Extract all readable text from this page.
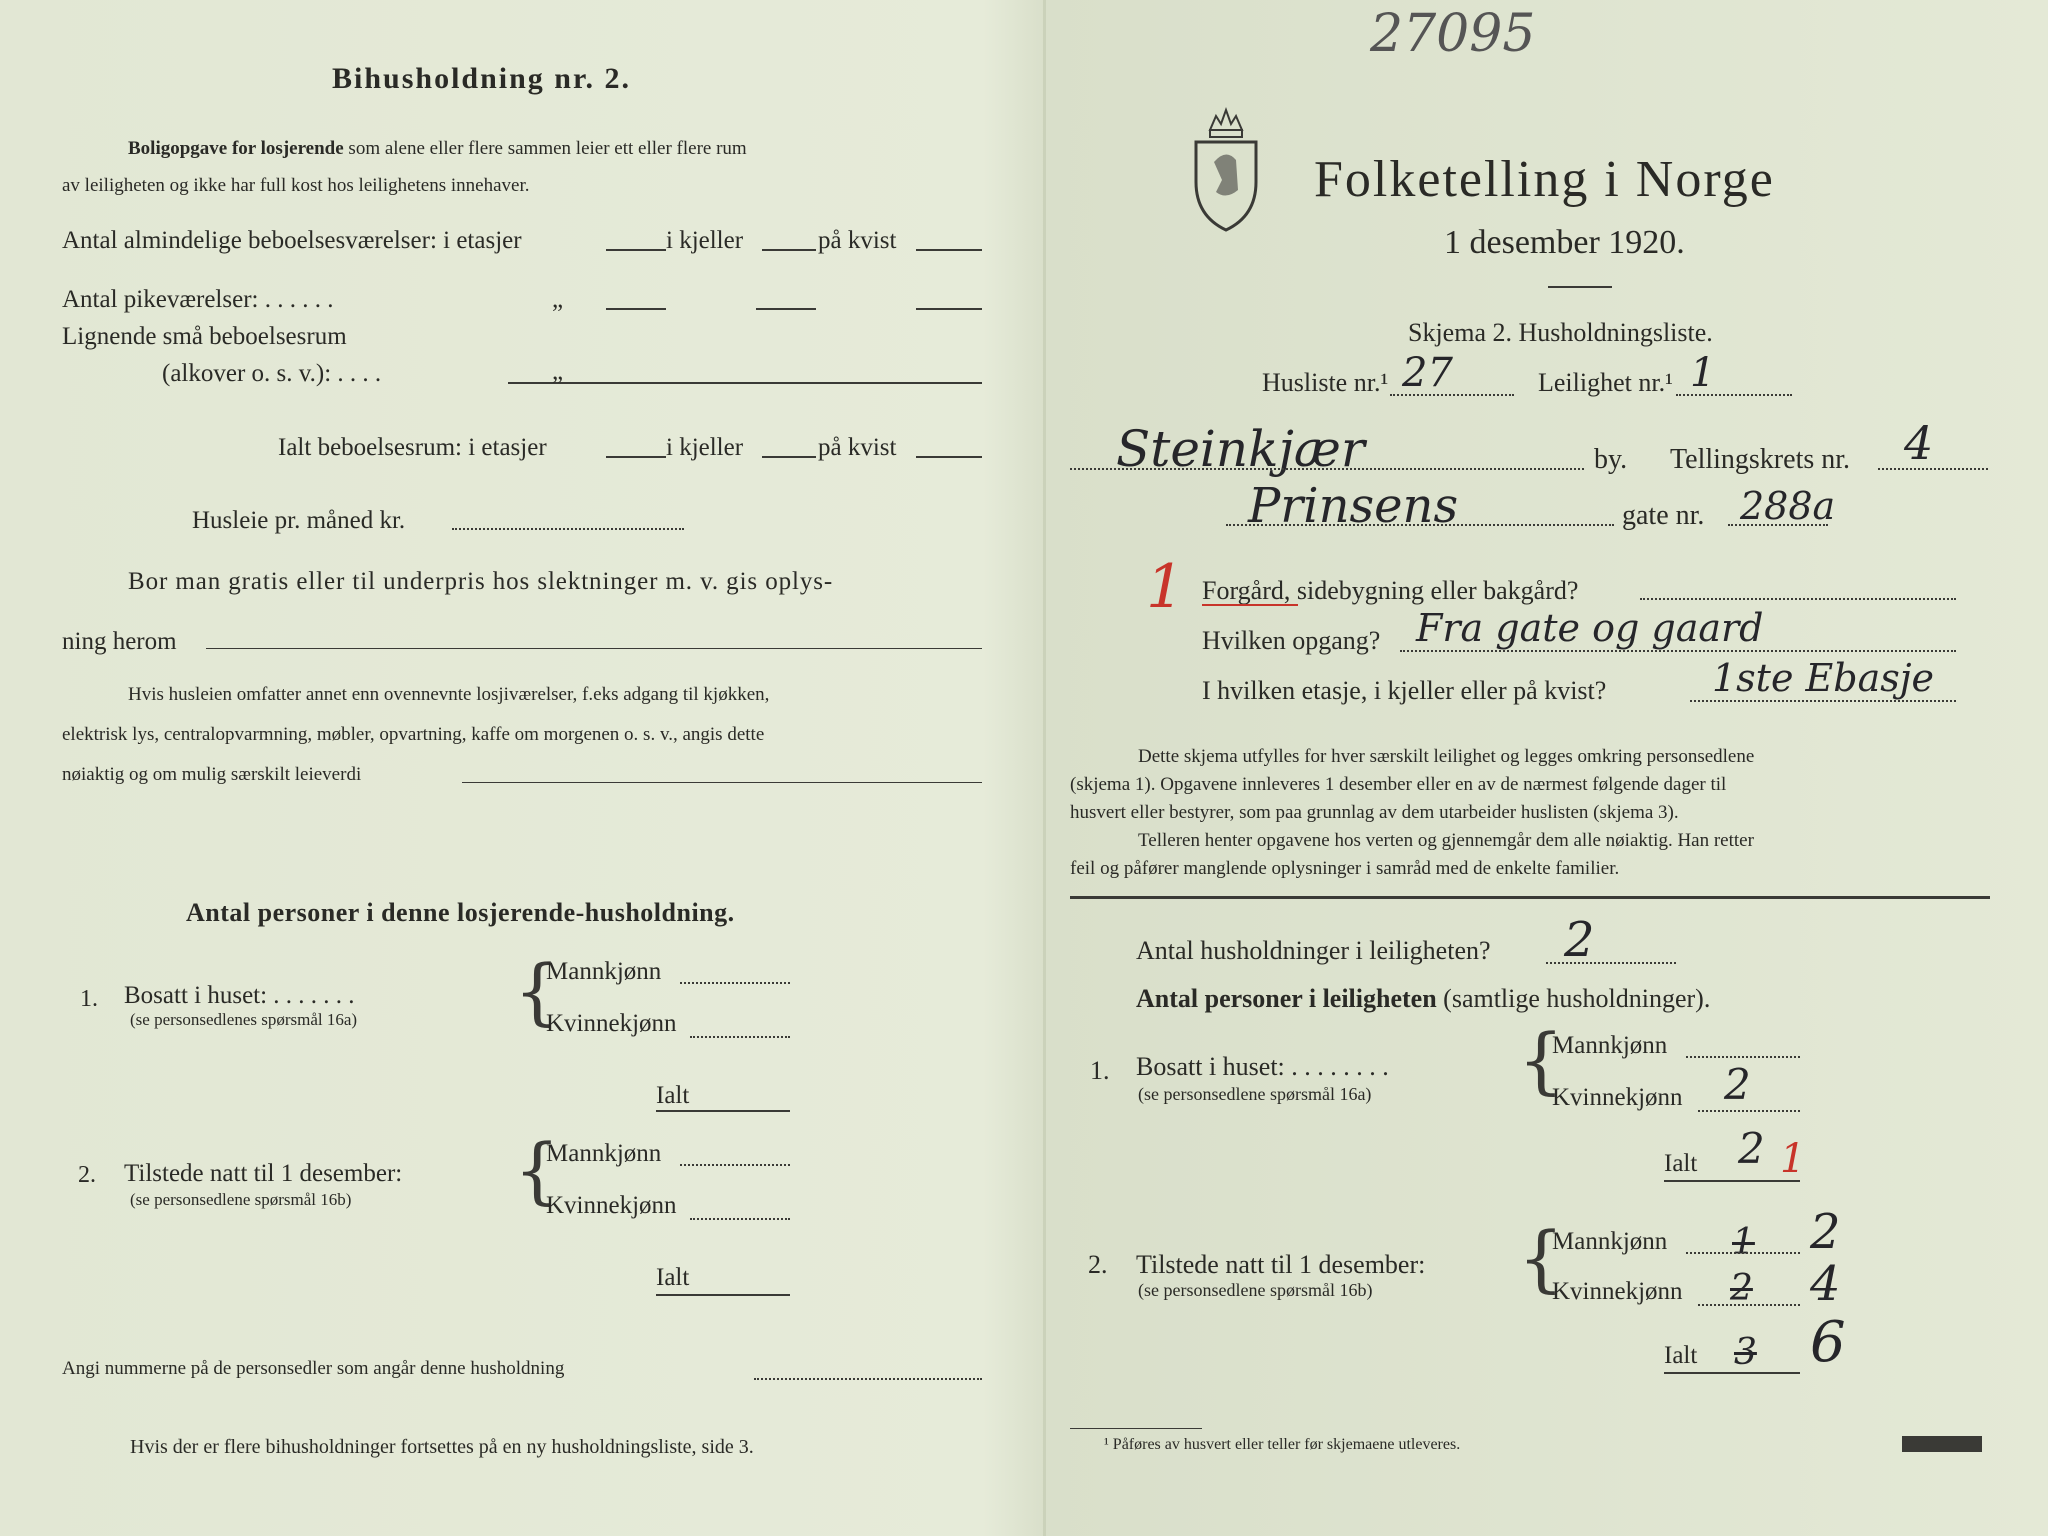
27095
Bihusholdning nr. 2.
Boligopgave for losjerende som alene eller flere sammen leier ett eller flere rum
av leiligheten og ikke har full kost hos leilighetens innehaver.
Antal almindelige beboelsesværelser: i etasjer	i kjeller	på kvist
Antal pikeværelser: . . . . . .	„
Lignende små beboelsesrum
(alkover o. s. v.): . . . .	„
Ialt beboelsesrum: i etasjer	i kjeller	på kvist
Husleie pr. måned kr.
Bor man gratis eller til underpris hos slektninger m. v. gis oplys-
ning herom
Hvis husleien omfatter annet enn ovennevnte losjiværelser, f.eks adgang til kjøkken,
elektrisk lys, centralopvarmning, møbler, opvartning, kaffe om morgenen o. s. v., angis dette
nøiaktig og om mulig særskilt leieverdi
Antal personer i denne losjerende-husholdning.
1. Bosatt i huset: . . . . . . .
(se personsedlenes spørsmål 16a) {
Mannkjønn
Kvinnekjønn
Ialt
2. Tilstede natt til 1 desember:
(se personsedlene spørsmål 16b) {
Mannkjønn
Kvinnekjønn
Ialt
Angi nummerne på de personsedler som angår denne husholdning
Hvis der er flere bihusholdninger fortsettes på en ny husholdningsliste, side 3.
Folketelling i Norge
1 desember 1920.
Skjema 2. Husholdningsliste.
Husliste nr.¹ 27	Leilighet nr.¹ 1
Steinkjær	by. Tellingskrets nr. 4
Prinsens	gate nr. 288a
1 Forgård, sidebygning eller bakgård?
Hvilken opgang? Fra gate og gaard
I hvilken etasje, i kjeller eller på kvist?	1ste Ebasje
Dette skjema utfylles for hver særskilt leilighet og legges omkring personsedlene
(skjema 1). Opgavene innleveres 1 desember eller en av de nærmest følgende dager til
husvert eller bestyrer, som paa grunnlag av dem utarbeider huslisten (skjema 3).
Telleren henter opgavene hos verten og gjennemgår dem alle nøiaktig. Han retter
feil og påfører manglende oplysninger i samråd med de enkelte familier.
Antal husholdninger i leiligheten? 2
Antal personer i leiligheten (samtlige husholdninger).
1. Bosatt i huset: . . . . . . . .
(se personsedlene spørsmål 16a) {
Mannkjønn
Kvinnekjønn 2
Ialt 2 1
2. Tilstede natt til 1 desember:
(se personsedlene spørsmål 16b) {
Mannkjønn 1 2
Kvinnekjønn 2 4
Ialt 3 6
¹ Påføres av husvert eller teller før skjemaene utleveres.
